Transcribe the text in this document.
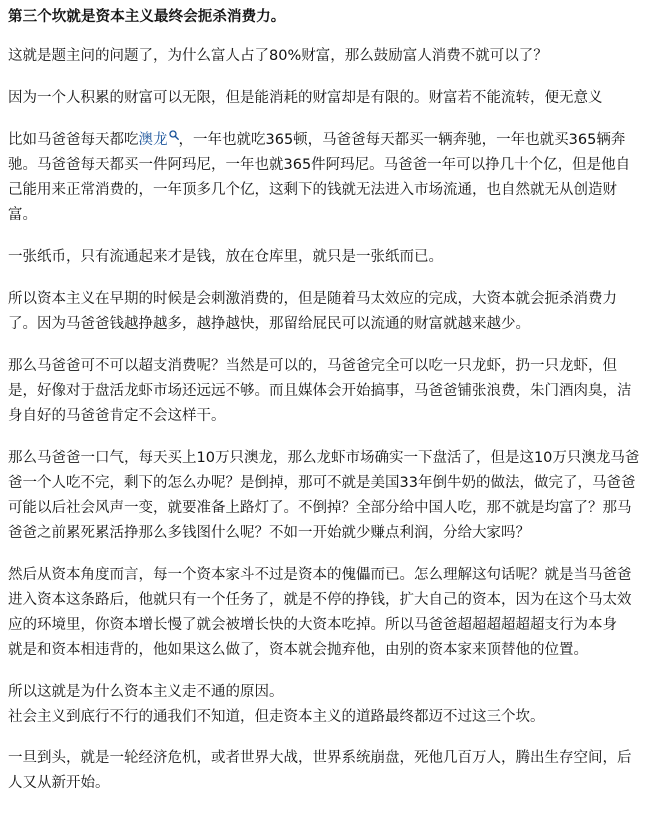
第三个坎就是资本主义最终会扼杀消费力。
这就是题主问的问题了，为什么富人占了80%财富，那么鼓励富人消费不就可以了？
因为一个人积累的财富可以无限，但是能消耗的财富却是有限的。财富若不能流转，便无意义
比如马爸爸每天都吃澳龙 ，一年也就吃365顿，马爸爸每天都买一辆奔驰，一年也就买365辆奔
驰。马爸爸每天都买一件阿玛尼，一年也就365件阿玛尼。马爸爸一年可以挣几十个亿，但是他自
己能用来正常消费的，一年顶多几个亿，这剩下的钱就无法进入市场流通，也自然就无从创造财
富。
一张纸币，只有流通起来才是钱，放在仓库里，就只是一张纸而已。
所以资本主义在早期的时候是会刺激消费的，但是随着马太效应的完成，大资本就会扼杀消费力
了。因为马爸爸钱越挣越多，越挣越快，那留给屁民可以流通的财富就越来越少。
那么马爸爸可不可以超支消费呢？当然是可以的，马爸爸完全可以吃一只龙虾，扔一只龙虾，但
是，好像对于盘活龙虾市场还远远不够。而且媒体会开始搞事，马爸爸铺张浪费，朱门酒肉臭，洁
身自好的马爸爸肯定不会这样干。
那么马爸爸一口气，每天买上10万只澳龙，那么龙虾市场确实一下盘活了，但是这10万只澳龙马爸
爸一个人吃不完，剩下的怎么办呢？是倒掉，那可不就是美国33年倒牛奶的做法，做完了，马爸爸
可能以后社会风声一变，就要准备上路灯了。不倒掉？全部分给中国人吃，那不就是均富了？那马
爸爸之前累死累活挣那么多钱图什么呢？不如一开始就少赚点利润，分给大家吗？
然后从资本角度而言，每一个资本家斗不过是资本的傀儡而已。怎么理解这句话呢？就是当马爸爸
进入资本这条路后，他就只有一个任务了，就是不停的挣钱，扩大自己的资本，因为在这个马太效
应的环境里，你资本增长慢了就会被增长快的大资本吃掉。所以马爸爸超超超超超超支行为本身
就是和资本相违背的，他如果这么做了，资本就会抛弃他，由别的资本家来顶替他的位置。
所以这就是为什么资本主义走不通的原因。
社会主义到底行不行的通我们不知道，但走资本主义的道路最终都迈不过这三个坎。
一旦到头，就是一轮经济危机，或者世界大战，世界系统崩盘，死他几百万人，腾出生存空间，后
人又从新开始。
